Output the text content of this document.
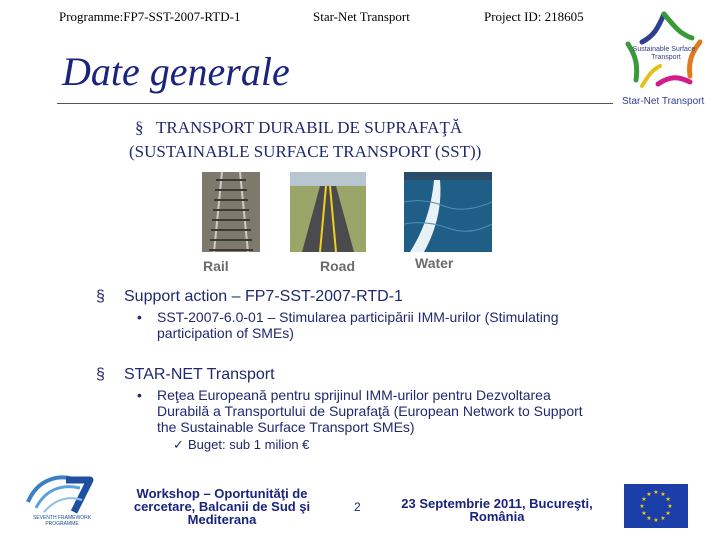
Programme:FP7-SST-2007-RTD-1	Star-Net Transport	Project ID: 218605
Sustainable Surface
Transport
Star-Net Transport
Date generale
§ TRANSPORT DURABIL DE SUPRAFAŢĂ
(SUSTAINABLE SURFACE TRANSPORT (SST))
Rail	Road	Water
§ Support action – FP7-SST-2007-RTD-1
• SST-2007-6.0-01 – Stimularea participării IMM-urilor (Stimulating
participation of SMEs)
§ STAR-NET Transport
• Reţea Europeană pentru sprijinul IMM-urilor pentru Dezvoltarea
Durabilă a Transportului de Suprafaţă (European Network to Support
the Sustainable Surface Transport SMEs)
✓ Buget: sub 1 milion €
SEVENTH FRAMEWORK
PROGRAMME
Workshop – Oportunităţi de
cercetare, Balcanii de Sud şi
Mediterana
2	23 Septembrie 2011, Bucureşti,
România
★ ★
★
★
★
★
★
★
★
★
★
★
